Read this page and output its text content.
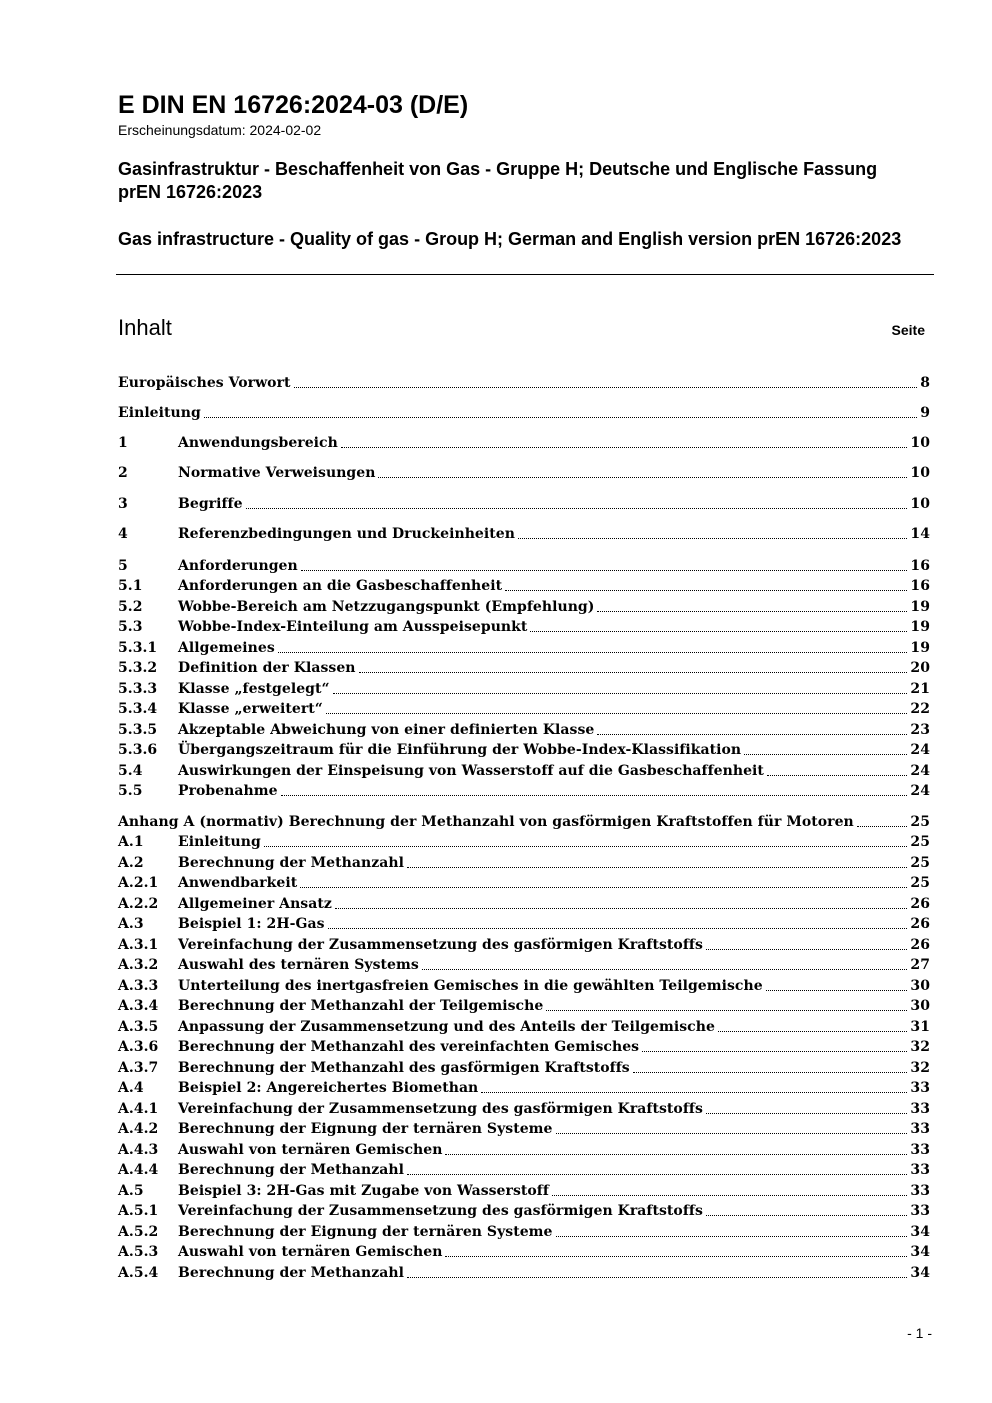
E DIN EN 16726:2024-03 (D/E)
Erscheinungsdatum: 2024-02-02

Gasinfrastruktur - Beschaffenheit von Gas - Gruppe H; Deutsche und Englische Fassung prEN 16726:2023

Gas infrastructure - Quality of gas - Group H; German and English version prEN 16726:2023

Inhalt	Seite
Europäisches Vorwort	8
Einleitung	9
1	Anwendungsbereich	10
2	Normative Verweisungen	10
3	Begriffe	10
4	Referenzbedingungen und Druckeinheiten	14
5	Anforderungen	16
5.1	Anforderungen an die Gasbeschaffenheit	16
5.2	Wobbe-Bereich am Netzzugangspunkt (Empfehlung)	19
5.3	Wobbe-Index-Einteilung am Ausspeisepunkt	19
5.3.1	Allgemeines	19
5.3.2	Definition der Klassen	20
5.3.3	Klasse „festgelegt“	21
5.3.4	Klasse „erweitert“	22
5.3.5	Akzeptable Abweichung von einer definierten Klasse	23
5.3.6	Übergangszeitraum für die Einführung der Wobbe-Index-Klassifikation	24
5.4	Auswirkungen der Einspeisung von Wasserstoff auf die Gasbeschaffenheit	24
5.5	Probenahme	24
Anhang A (normativ) Berechnung der Methanzahl von gasförmigen Kraftstoffen für Motoren	25
A.1	Einleitung	25
A.2	Berechnung der Methanzahl	25
A.2.1	Anwendbarkeit	25
A.2.2	Allgemeiner Ansatz	26
A.3	Beispiel 1: 2H-Gas	26
A.3.1	Vereinfachung der Zusammensetzung des gasförmigen Kraftstoffs	26
A.3.2	Auswahl des ternären Systems	27
A.3.3	Unterteilung des inertgasfreien Gemisches in die gewählten Teilgemische	30
A.3.4	Berechnung der Methanzahl der Teilgemische	30
A.3.5	Anpassung der Zusammensetzung und des Anteils der Teilgemische	31
A.3.6	Berechnung der Methanzahl des vereinfachten Gemisches	32
A.3.7	Berechnung der Methanzahl des gasförmigen Kraftstoffs	32
A.4	Beispiel 2: Angereichertes Biomethan	33
A.4.1	Vereinfachung der Zusammensetzung des gasförmigen Kraftstoffs	33
A.4.2	Berechnung der Eignung der ternären Systeme	33
A.4.3	Auswahl von ternären Gemischen	33
A.4.4	Berechnung der Methanzahl	33
A.5	Beispiel 3: 2H-Gas mit Zugabe von Wasserstoff	33
A.5.1	Vereinfachung der Zusammensetzung des gasförmigen Kraftstoffs	33
A.5.2	Berechnung der Eignung der ternären Systeme	34
A.5.3	Auswahl von ternären Gemischen	34
A.5.4	Berechnung der Methanzahl	34
- 1 -
